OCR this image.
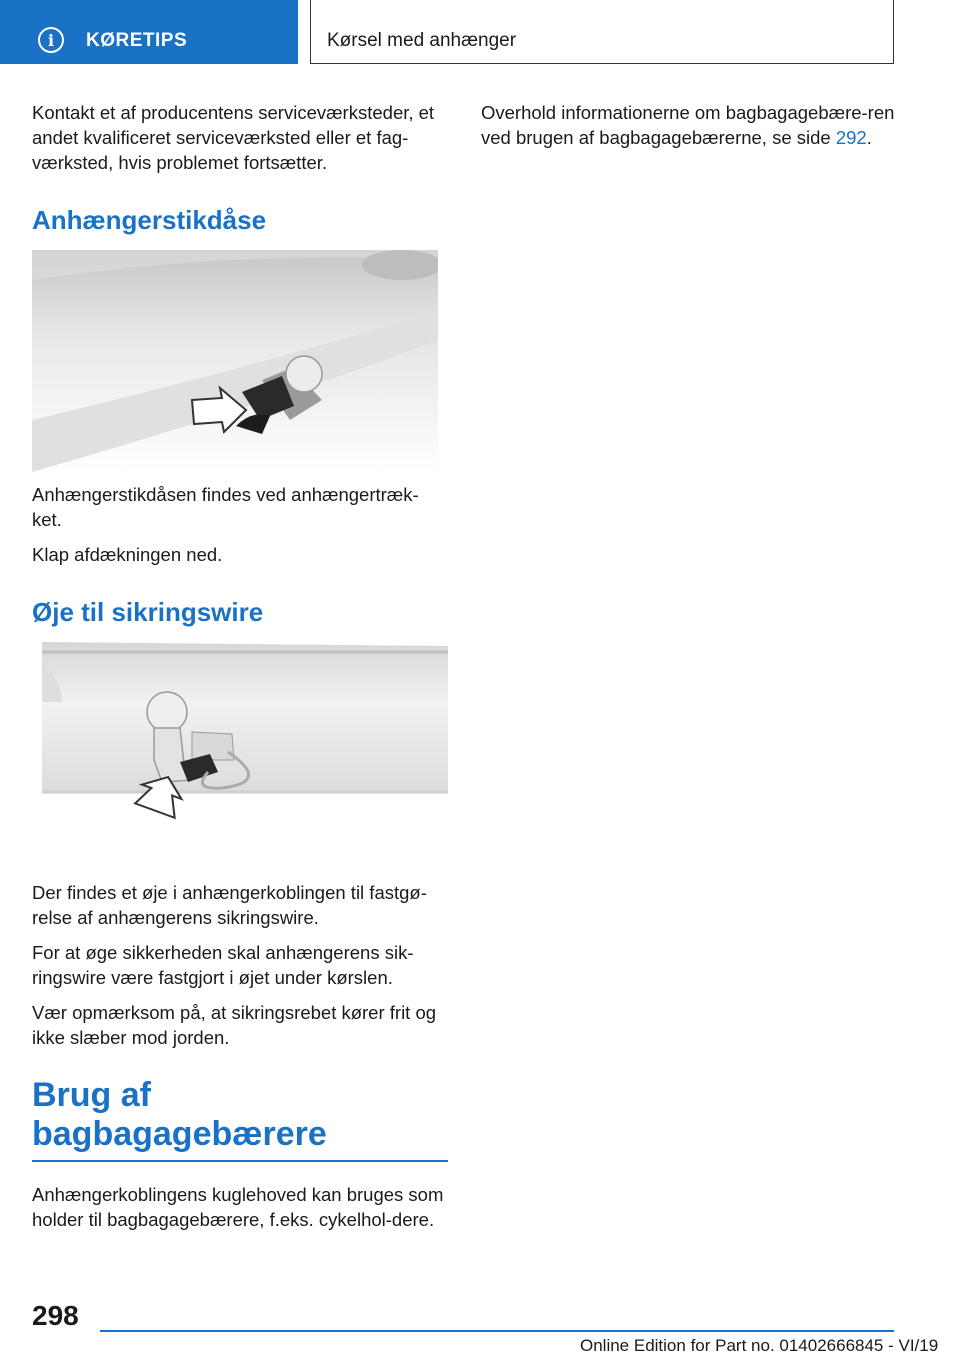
i	KØRETIPS	Kørsel med anhænger

Kontakt et af producentens serviceværksteder, et andet kvalificeret serviceværksted eller et fag-værksted, hvis problemet fortsætter.

Anhængerstikdåse

Anhængerstikdåsen findes ved anhængertræk-ket.

Klap afdækningen ned.

Øje til sikringswire

Der findes et øje i anhængerkoblingen til fastgø-relse af anhængerens sikringswire.

For at øge sikkerheden skal anhængerens sik-ringswire være fastgjort i øjet under kørslen.

Vær opmærksom på, at sikringsrebet kører frit og ikke slæber mod jorden.

Brug af bagbagagebærere

Anhængerkoblingens kuglehoved kan bruges som holder til bagbagagebærere, f.eks. cykelhol-dere.

Overhold informationerne om bagbagagebære-ren ved brugen af bagbagagebærerne, se side 292.

298
Online Edition for Part no. 01402666845 - VI/19
